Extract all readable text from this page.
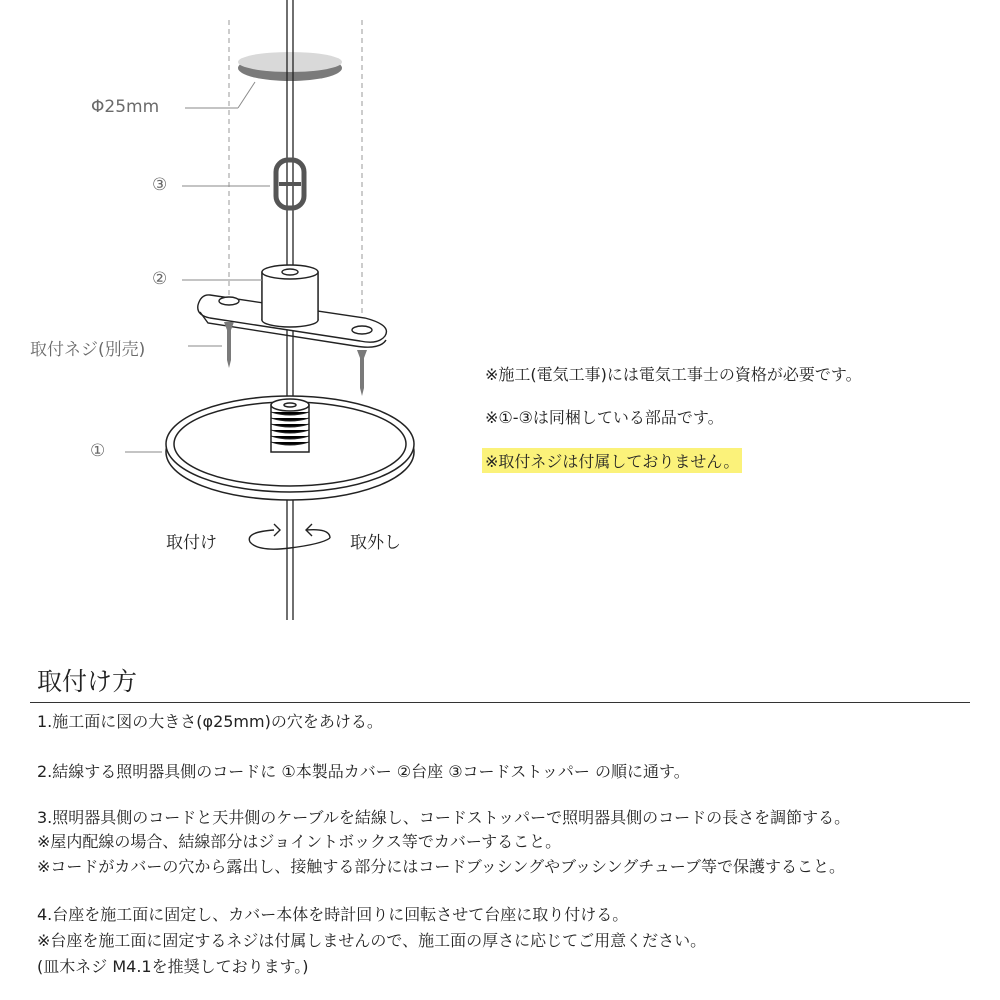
Φ25mm
③
②
取付ネジ(別売)
①
取付け	取外し
※施工(電気工事)には電気工事士の資格が必要です。
※①-③は同梱している部品です。
※取付ネジは付属しておりません。
取付け方
1.施工面に図の大きさ(φ25mm)の穴をあける。
2.結線する照明器具側のコードに ①本製品カバー ②台座 ③コードストッパー の順に通す。
3.照明器具側のコードと天井側のケーブルを結線し、コードストッパーで照明器具側のコードの長さを調節する。
※屋内配線の場合、結線部分はジョイントボックス等でカバーすること。
※コードがカバーの穴から露出し、接触する部分にはコードブッシングやブッシングチューブ等で保護すること。
4.台座を施工面に固定し、カバー本体を時計回りに回転させて台座に取り付ける。
※台座を施工面に固定するネジは付属しませんので、施工面の厚さに応じてご用意ください。
(皿木ネジ M4.1を推奨しております。)
